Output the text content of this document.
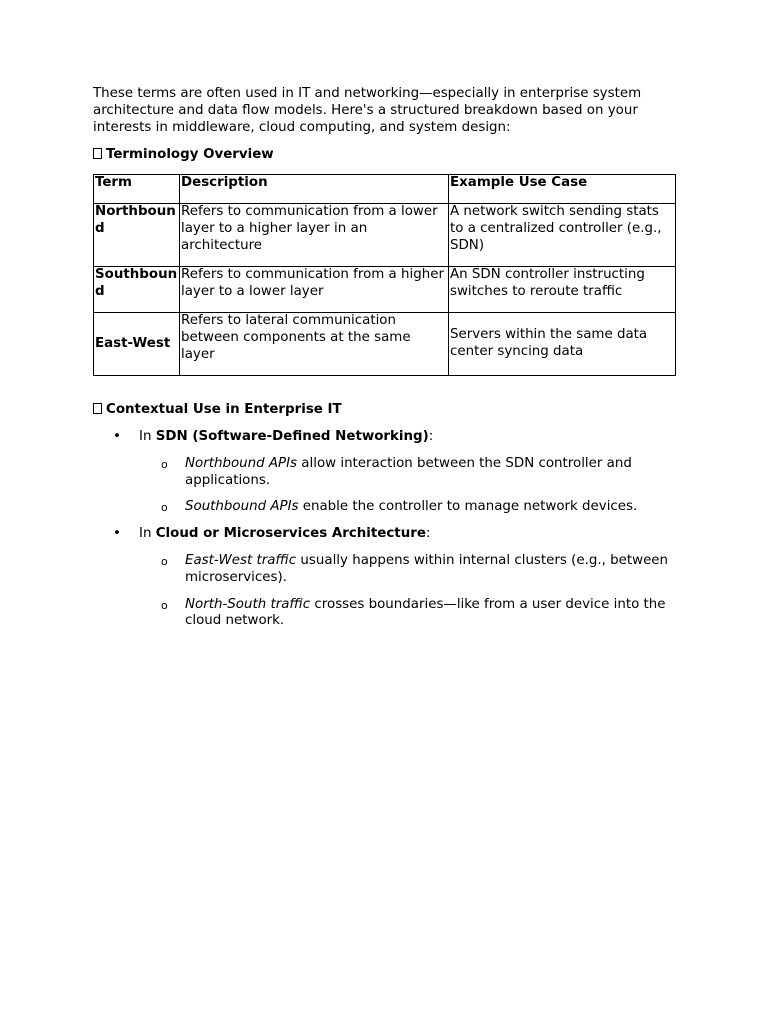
These terms are often used in IT and networking—especially in enterprise system architecture and data flow models. Here's a structured breakdown based on your interests in middleware, cloud computing, and system design:

Terminology Overview

Term	Description	Example Use Case
Northbound	Refers to communication from a lower layer to a higher layer in an architecture	A network switch sending stats to a centralized controller (e.g., SDN)
Southbound	Refers to communication from a higher layer to a lower layer	An SDN controller instructing switches to reroute traffic
East-West	Refers to lateral communication between components at the same layer	Servers within the same data center syncing data

Contextual Use in Enterprise IT

• In SDN (Software-Defined Networking):
o Northbound APIs allow interaction between the SDN controller and applications.
o Southbound APIs enable the controller to manage network devices.
• In Cloud or Microservices Architecture:
o East-West traffic usually happens within internal clusters (e.g., between microservices).
o North-South traffic crosses boundaries—like from a user device into the cloud network.
